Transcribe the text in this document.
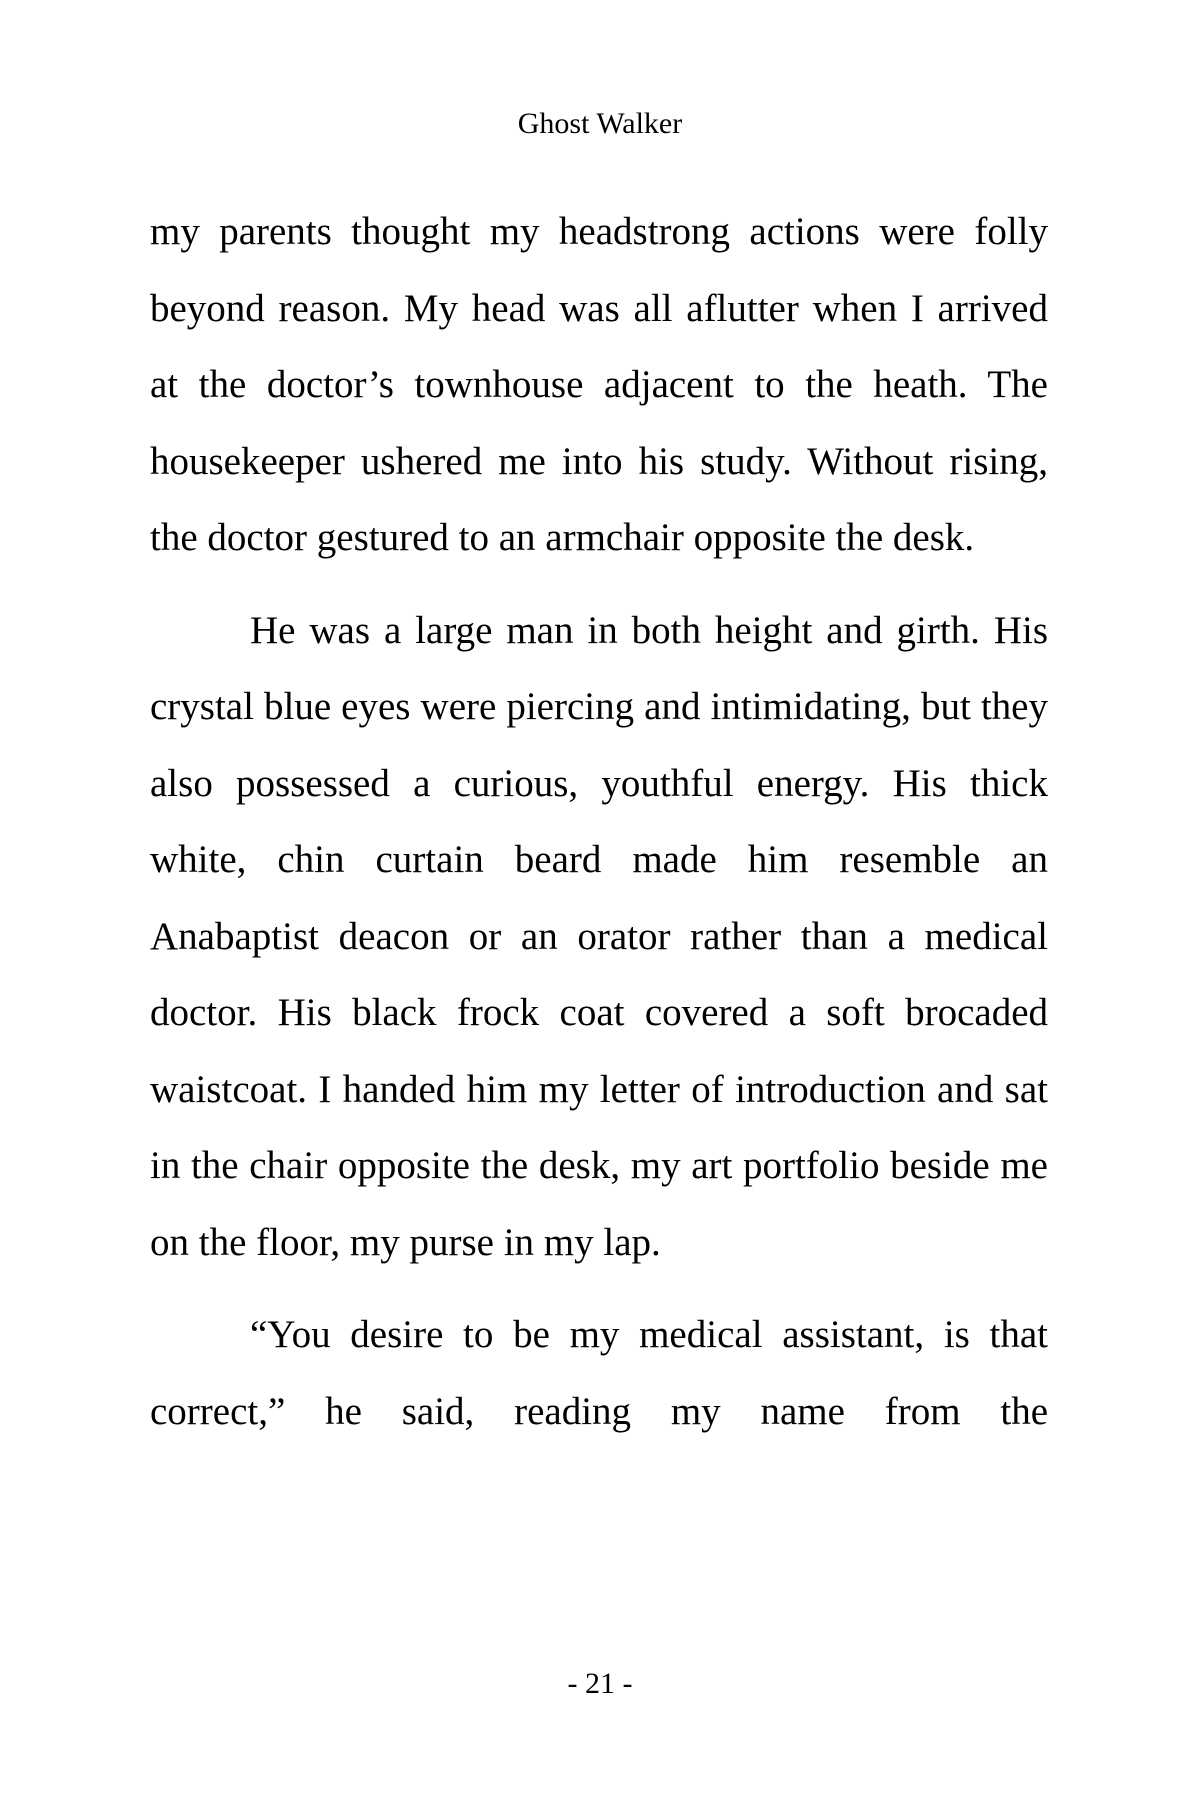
Ghost Walker

my parents thought my headstrong actions were folly beyond reason. My head was all aflutter when I arrived at the doctor’s townhouse adjacent to the heath. The housekeeper ushered me into his study. Without rising, the doctor gestured to an armchair opposite the desk.

He was a large man in both height and girth. His crystal blue eyes were piercing and intimidating, but they also possessed a curious, youthful energy. His thick white, chin curtain beard made him resemble an Anabaptist deacon or an orator rather than a medical doctor. His black frock coat covered a soft brocaded waistcoat. I handed him my letter of introduction and sat in the chair opposite the desk, my art portfolio beside me on the floor, my purse in my lap.

“You desire to be my medical assistant, is that correct,” he said, reading my name from the

- 21 -
